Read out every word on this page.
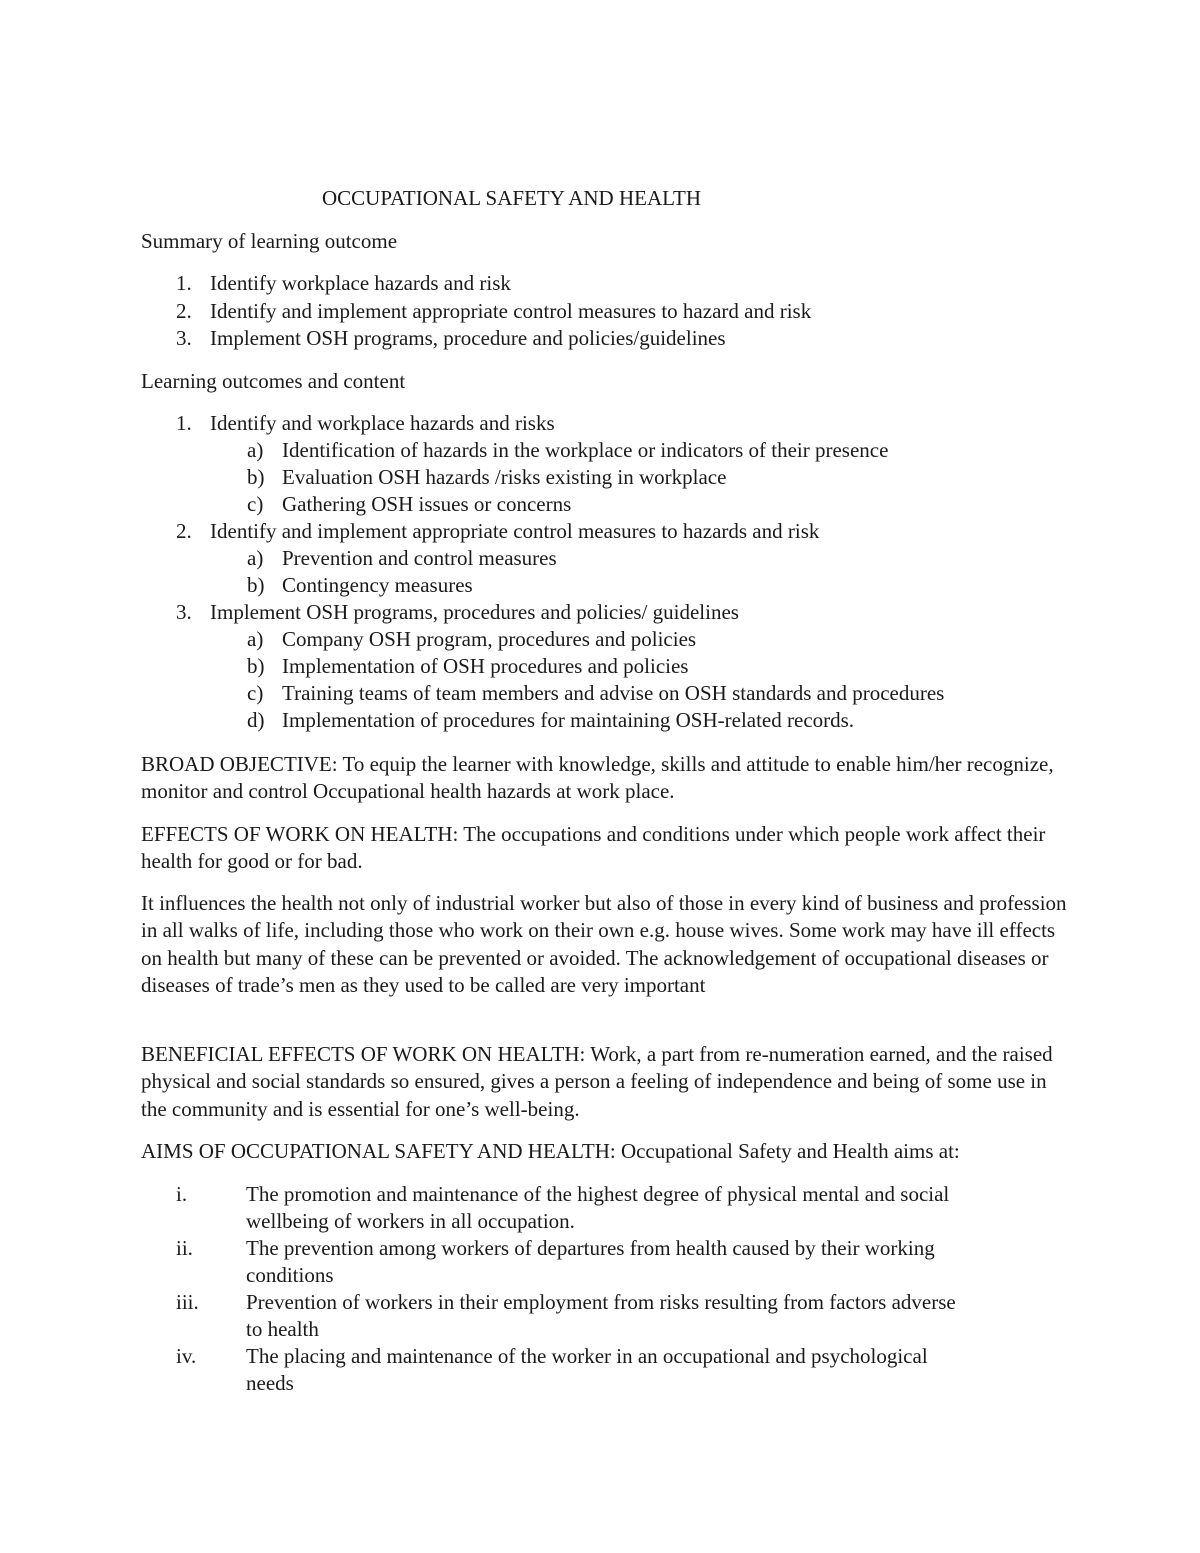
OCCUPATIONAL SAFETY AND HEALTH
Summary of learning outcome
1. Identify workplace hazards and risk
2. Identify and implement appropriate control measures to hazard and risk
3. Implement OSH programs, procedure and policies/guidelines
Learning outcomes and content
1. Identify and workplace hazards and risks
a) Identification of hazards in the workplace or indicators of their presence
b) Evaluation OSH hazards /risks existing in workplace
c) Gathering OSH issues or concerns
2. Identify and implement appropriate control measures to hazards and risk
a) Prevention and control measures
b) Contingency measures
3. Implement OSH programs, procedures and policies/ guidelines
a) Company OSH program, procedures and policies
b) Implementation of OSH procedures and policies
c) Training teams of team members and advise on OSH standards and procedures
d) Implementation of procedures for maintaining OSH-related records.

BROAD OBJECTIVE: To equip the learner with knowledge, skills and attitude to enable him/her recognize, monitor and control Occupational health hazards at work place.

EFFECTS OF WORK ON HEALTH: The occupations and conditions under which people work affect their health for good or for bad.

It influences the health not only of industrial worker but also of those in every kind of business and profession in all walks of life, including those who work on their own e.g. house wives. Some work may have ill effects on health but many of these can be prevented or avoided. The acknowledgement of occupational diseases or diseases of trade’s men as they used to be called are very important

BENEFICIAL EFFECTS OF WORK ON HEALTH: Work, a part from re-numeration earned, and the raised physical and social standards so ensured, gives a person a feeling of independence and being of some use in the community and is essential for one’s well-being.

AIMS OF OCCUPATIONAL SAFETY AND HEALTH: Occupational Safety and Health aims at:

i.	The promotion and maintenance of the highest degree of physical mental and social
wellbeing of workers in all occupation.
ii.	The prevention among workers of departures from health caused by their working
conditions
iii. Prevention of workers in their employment from risks resulting from factors adverse
to health
iv. The placing and maintenance of the worker in an occupational and psychological
needs
